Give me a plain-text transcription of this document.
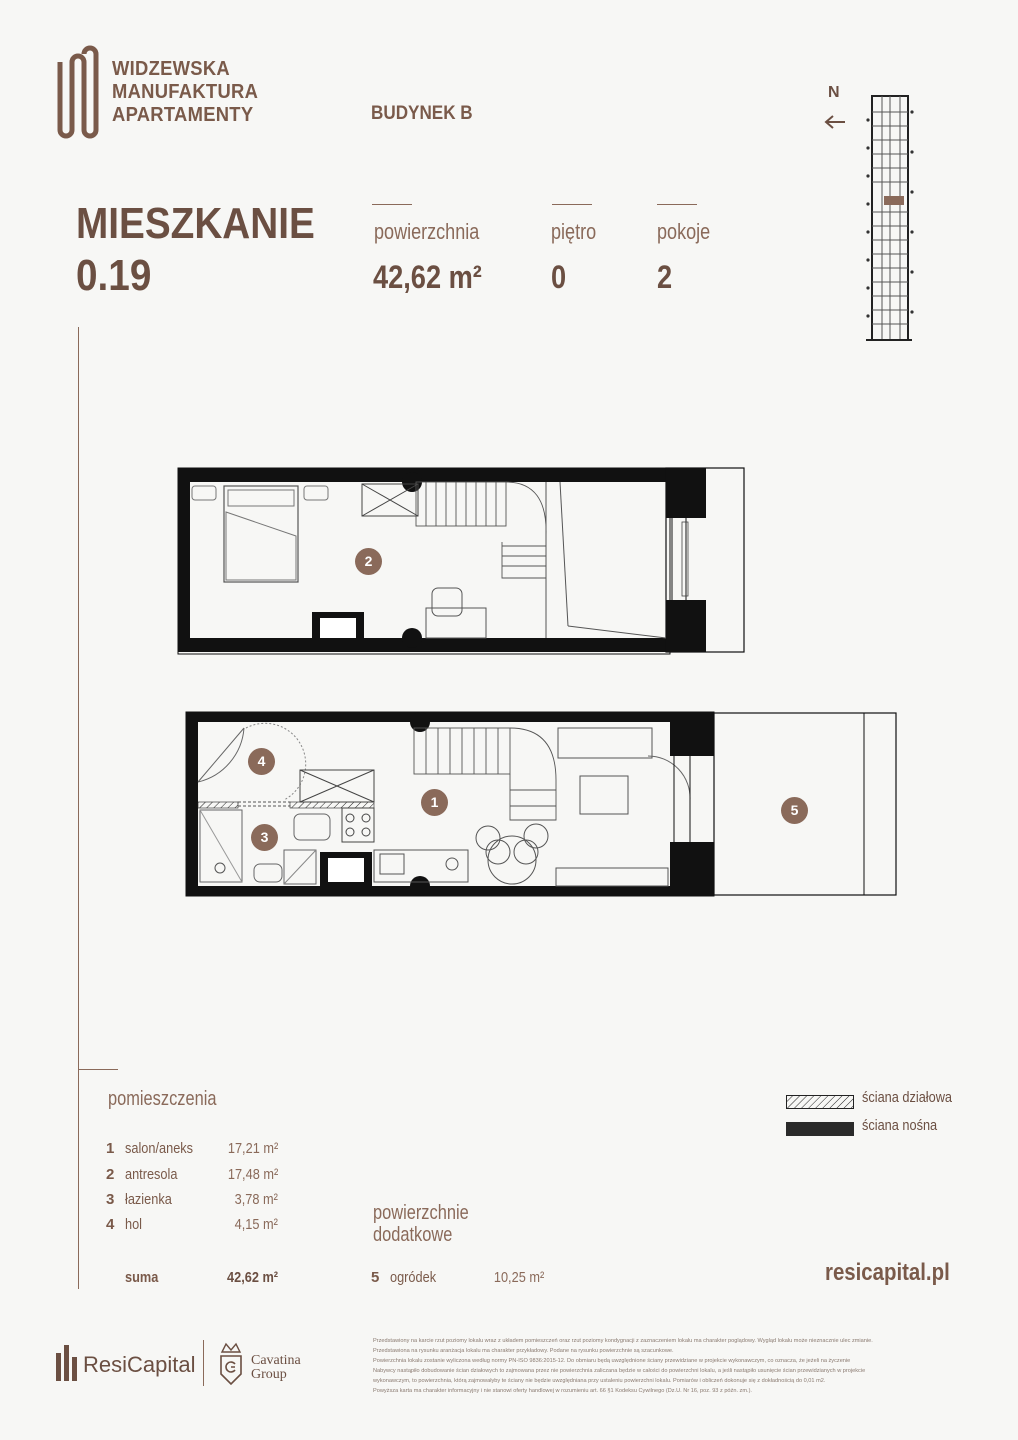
WIDZEWSKA
MANUFAKTURA
APARTAMENTY	BUDYNEK B
MIESZKANIE
0.19
powierzchnia
42,62 m²
piętro
0
pokoje
2
N
2
1
3
4
5
pomieszczenia
1 salon/aneks 17,21 m²
2 antresola	17,48 m²
3 łazienka	3,78 m²
4 hol	4,15 m²
suma	42,62 m²
powierzchnie
dodatkowe
5 ogródek	10,25 m²
ściana działowa
ściana nośna
resicapital.pl
ResiCapital	Cavatina
Group
Przedstawiony na karcie rzut poziomy lokalu wraz z układem pomieszczeń oraz rzut poziomy kondygnacji z zaznaczeniem lokalu ma charakter poglądowy. Wygląd lokalu może nieznacznie ulec zmianie.
Przedstawiona na rysunku aranżacja lokalu ma charakter przykładowy. Podane na rysunku powierzchnie są szacunkowe.
Powierzchnia lokalu zostanie wyliczona według normy PN-ISO 9836:2015-12. Do obmiaru będą uwzględnione ściany przewidziane w projekcie wykonawczym, co oznacza, że jeżeli na życzenie
Nabywcy nastąpiło dobudowanie ścian działowych to zajmowana przez nie powierzchnia zaliczana będzie w całości do powierzchni lokalu, a jeśli nastąpiło usunięcie ścian przewidzianych w projekcie
wykonawczym, to powierzchnia, którą zajmowałyby te ściany nie będzie uwzględniana przy ustaleniu powierzchni lokalu. Pomiarów i obliczeń dokonuje się z dokładnością do 0,01 m2.
Powyższa karta ma charakter informacyjny i nie stanowi oferty handlowej w rozumieniu art. 66 §1 Kodeksu Cywilnego (Dz.U. Nr 16, poz. 93 z późn. zm.).
